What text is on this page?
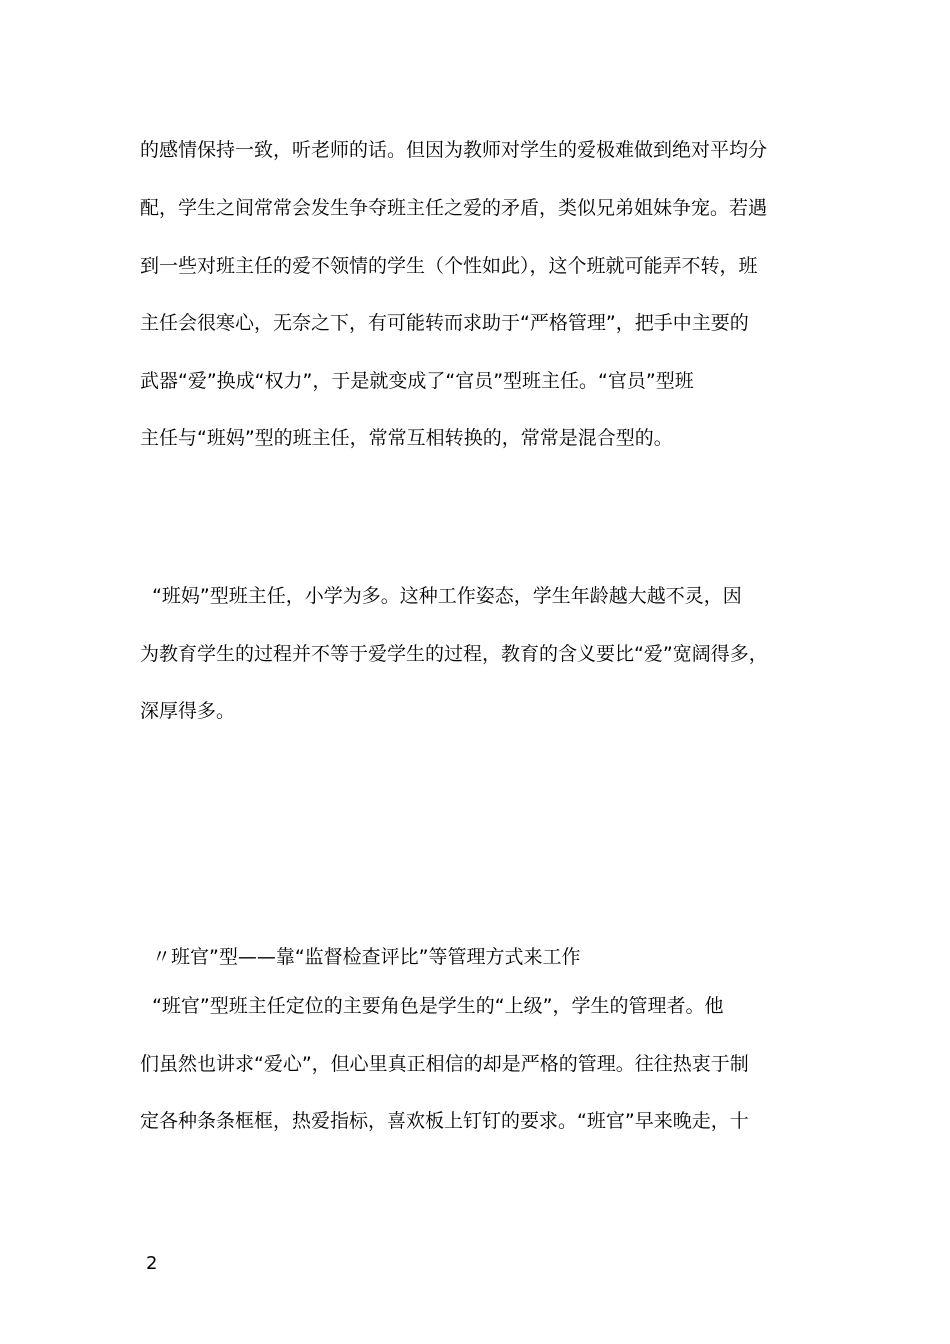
的感情保持一致，听老师的话。但因为教师对学生的爱极难做到绝对平均分
配，学生之间常常会发生争夺班主任之爱的矛盾，类似兄弟姐妹争宠。若遇
到一些对班主任的爱不领情的学生（个性如此），这个班就可能弄不转，班
主任会很寒心，无奈之下，有可能转而求助于“严格管理”，把手中主要的
武器“爱”换成“权力”，于是就变成了“官员”型班主任。“官员”型班
主任与“班妈”型的班主任，常常互相转换的，常常是混合型的。
“班妈”型班主任，小学为多。这种工作姿态，学生年龄越大越不灵，因
为教育学生的过程并不等于爱学生的过程，教育的含义要比“爱”宽阔得多，
深厚得多。
〃班官”型——靠“监督检查评比”等管理方式来工作
“班官”型班主任定位的主要角色是学生的“上级”，学生的管理者。他
们虽然也讲求“爱心”，但心里真正相信的却是严格的管理。往往热衷于制
定各种条条框框，热爱指标，喜欢板上钉钉的要求。“班官”早来晚走，十
2
